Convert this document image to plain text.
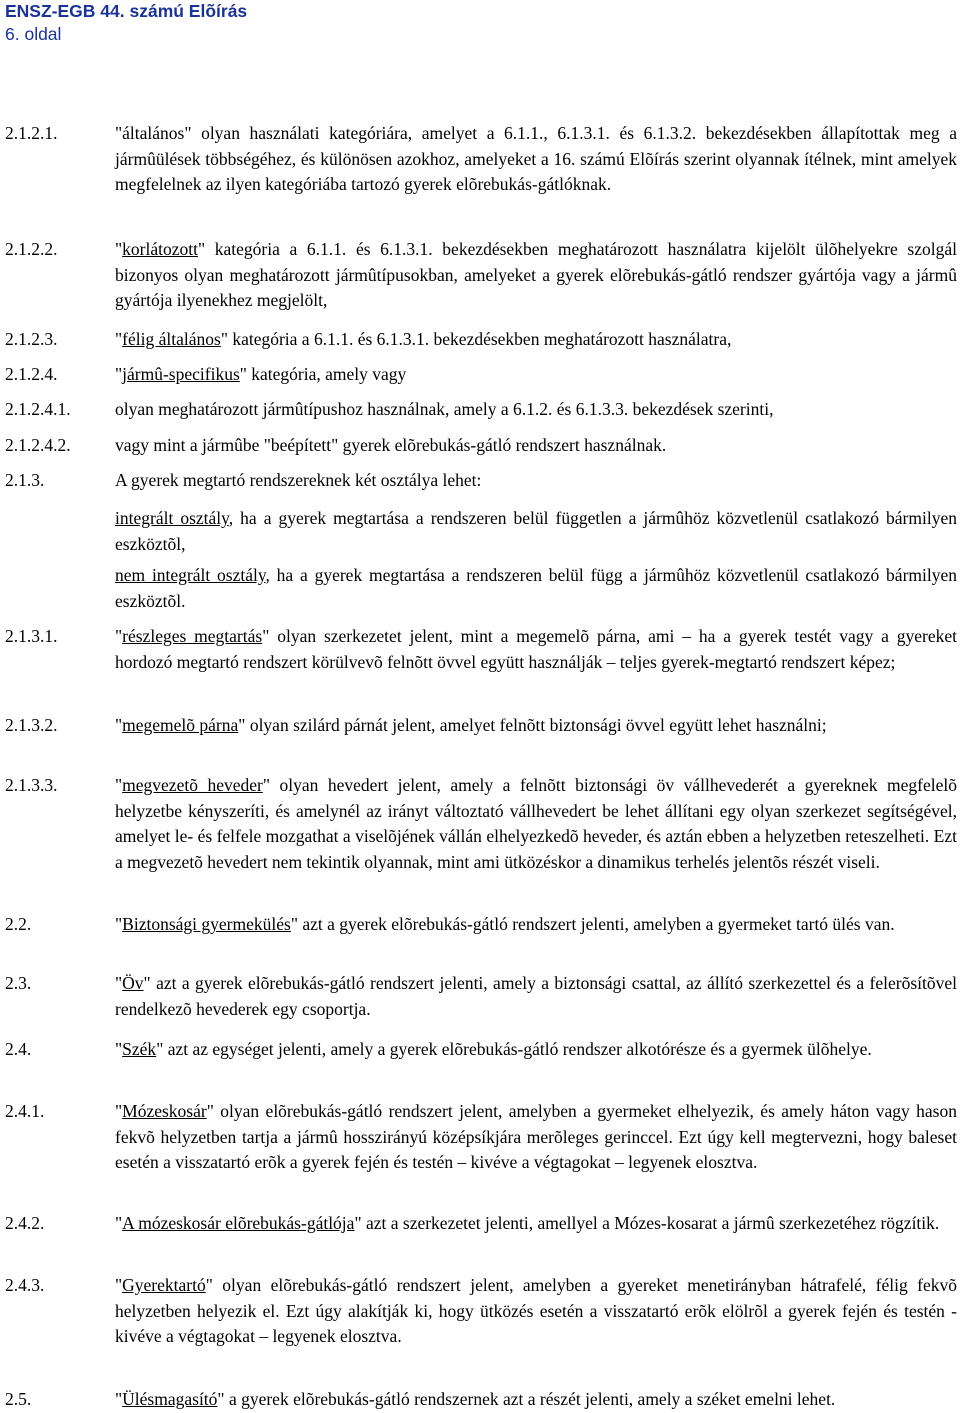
ENSZ-EGB 44. számú Elõírás
6. oldal
2.1.2.1.	"általános" olyan használati kategóriára, amelyet a 6.1.1., 6.1.3.1. és 6.1.3.2. bekezdésekben állapítottak meg a jármûülések többségéhez, és különösen azokhoz, amelyeket a 16. számú Elõírás szerint olyannak ítélnek, mint amelyek megfelelnek az ilyen kategóriába tartozó gyerek elõrebukás-gátlóknak.
2.1.2.2.	"korlátozott" kategória a 6.1.1. és 6.1.3.1. bekezdésekben meghatározott használatra kijelölt ülõhelyekre szolgál bizonyos olyan meghatározott jármûtípusokban, amelyeket a gyerek elõrebukás-gátló rendszer gyártója vagy a jármû gyártója ilyenekhez megjelölt,
2.1.2.3.	"félig általános" kategória a 6.1.1. és 6.1.3.1. bekezdésekben meghatározott használatra,
2.1.2.4.	"jármû-specifikus" kategória, amely vagy
2.1.2.4.1.	olyan meghatározott jármûtípushoz használnak, amely a 6.1.2. és 6.1.3.3. bekezdések szerinti,
2.1.2.4.2.	vagy mint a jármûbe "beépített" gyerek elõrebukás-gátló rendszert használnak.
2.1.3.	A gyerek megtartó rendszereknek két osztálya lehet:
integrált osztály, ha a gyerek megtartása a rendszeren belül független a jármûhöz közvetlenül csatlakozó bármilyen eszköztõl,
nem integrált osztály, ha a gyerek megtartása a rendszeren belül függ a jármûhöz közvetlenül csatlakozó bármilyen eszköztõl.
2.1.3.1.	"részleges megtartás" olyan szerkezetet jelent, mint a megemelõ párna, ami – ha a gyerek testét vagy a gyereket hordozó megtartó rendszert körülvevõ felnõtt övvel együtt használják – teljes gyerek-megtartó rendszert képez;
2.1.3.2.	"megemelõ párna" olyan szilárd párnát jelent, amelyet felnõtt biztonsági övvel együtt lehet használni;
2.1.3.3.	"megvezetõ heveder" olyan hevedert jelent, amely a felnõtt biztonsági öv vállhevederét a gyereknek megfelelõ helyzetbe kényszeríti, és amelynél az irányt változtató vállhevedert be lehet állítani egy olyan szerkezet segítségével, amelyet le- és felfele mozgathat a viselõjének vállán elhelyezkedõ heveder, és aztán ebben a helyzetben reteszelheti. Ezt a megvezetõ hevedert nem tekintik olyannak, mint ami ütközéskor a dinamikus terhelés jelentõs részét viseli.
2.2.	"Biztonsági gyermekülés" azt a gyerek elõrebukás-gátló rendszert jelenti, amelyben a gyermeket tartó ülés van.
2.3.	"Öv" azt a gyerek elõrebukás-gátló rendszert jelenti, amely a biztonsági csattal, az állító szerkezettel és a felerõsítõvel rendelkezõ hevederek egy csoportja.
2.4.	"Szék" azt az egységet jelenti, amely a gyerek elõrebukás-gátló rendszer alkotórésze és a gyermek ülõhelye.
2.4.1.	"Mózeskosár" olyan elõrebukás-gátló rendszert jelent, amelyben a gyermeket elhelyezik, és amely háton vagy hason fekvõ helyzetben tartja a jármû hosszirányú középsíkjára merõleges gerinccel. Ezt úgy kell megtervezni, hogy baleset esetén a visszatartó erõk a gyerek fején és testén – kivéve a végtagokat – legyenek elosztva.
2.4.2.	"A mózeskosár elõrebukás-gátlója" azt a szerkezetet jelenti, amellyel a Mózes-kosarat a jármû szerkezetéhez rögzítik.
2.4.3.	"Gyerektartó" olyan elõrebukás-gátló rendszert jelent, amelyben a gyereket menetirányban hátrafelé, félig fekvõ helyzetben helyezik el. Ezt úgy alakítják ki, hogy ütközés esetén a visszatartó erõk elölrõl a gyerek fején és testén - kivéve a végtagokat – legyenek elosztva.
2.5.	"Ülésmagasító" a gyerek elõrebukás-gátló rendszernek azt a részét jelenti, amely a széket emelni lehet.
